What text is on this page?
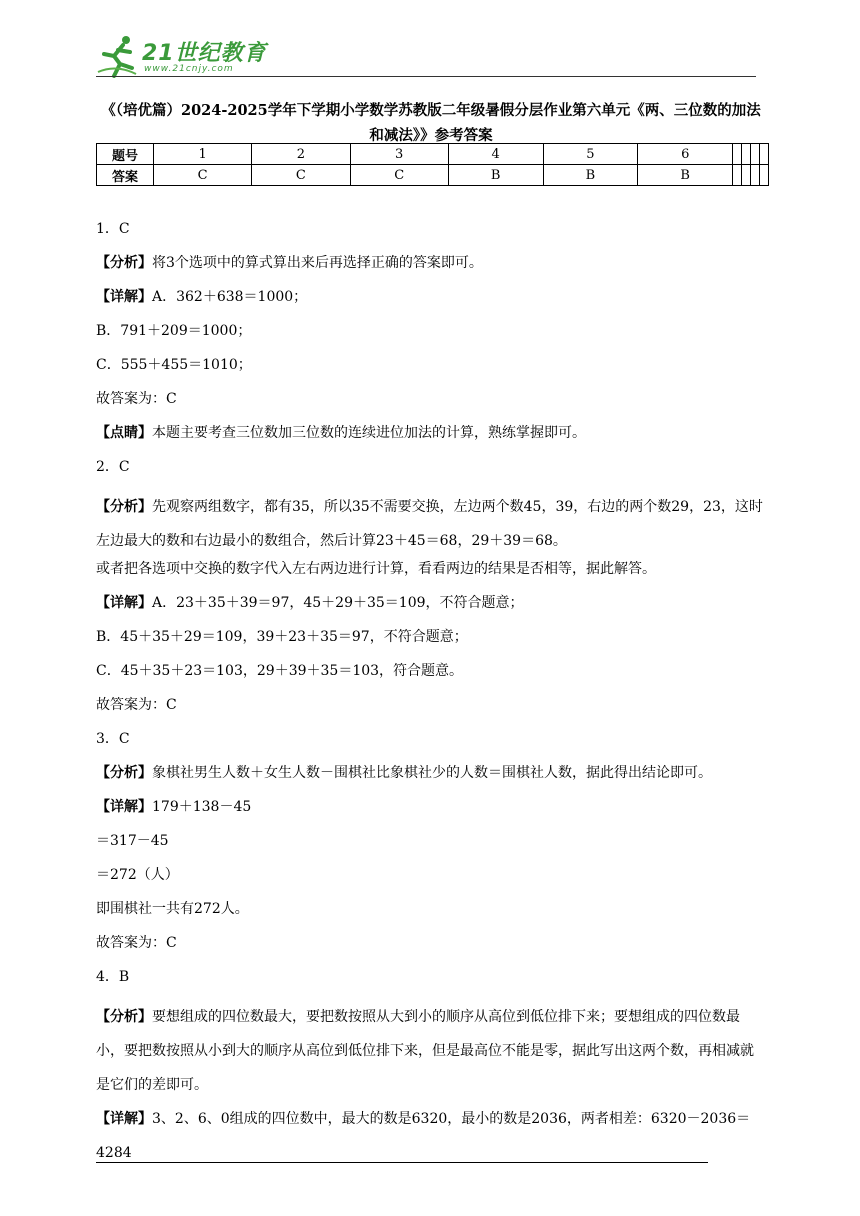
21世纪教育
www.21cnjy.com
《（培优篇）2024-2025学年下学期小学数学苏教版二年级暑假分层作业第六单元《两、三位数的加法和减法》》参考答案
题号	1	2	3	4	5	6				
答案	C	C	C	B	B	B				
1．C
【分析】将3个选项中的算式算出来后再选择正确的答案即可。
【详解】A．362＋638＝1000；
B．791＋209＝1000；
C．555＋455＝1010；
故答案为：C
【点睛】本题主要考查三位数加三位数的连续进位加法的计算，熟练掌握即可。
2．C
【分析】先观察两组数字，都有35，所以35不需要交换，左边两个数45，39，右边的两个数29，23，这时左边最大的数和右边最小的数组合，然后计算23＋45＝68，29＋39＝68。
或者把各选项中交换的数字代入左右两边进行计算，看看两边的结果是否相等，据此解答。
【详解】A．23＋35＋39＝97，45＋29＋35＝109，不符合题意；
B．45＋35＋29＝109，39＋23＋35＝97，不符合题意；
C．45＋35＋23＝103，29＋39＋35＝103，符合题意。
故答案为：C
3．C
【分析】象棋社男生人数＋女生人数－围棋社比象棋社少的人数＝围棋社人数，据此得出结论即可。
【详解】179＋138－45
＝317－45
＝272（人）
即围棋社一共有272人。
故答案为：C
4．B
【分析】要想组成的四位数最大，要把数按照从大到小的顺序从高位到低位排下来；要想组成的四位数最小，要把数按照从小到大的顺序从高位到低位排下来，但是最高位不能是零，据此写出这两个数，再相减就是它们的差即可。
【详解】3、2、6、0组成的四位数中，最大的数是6320，最小的数是2036，两者相差：6320－2036＝4284
